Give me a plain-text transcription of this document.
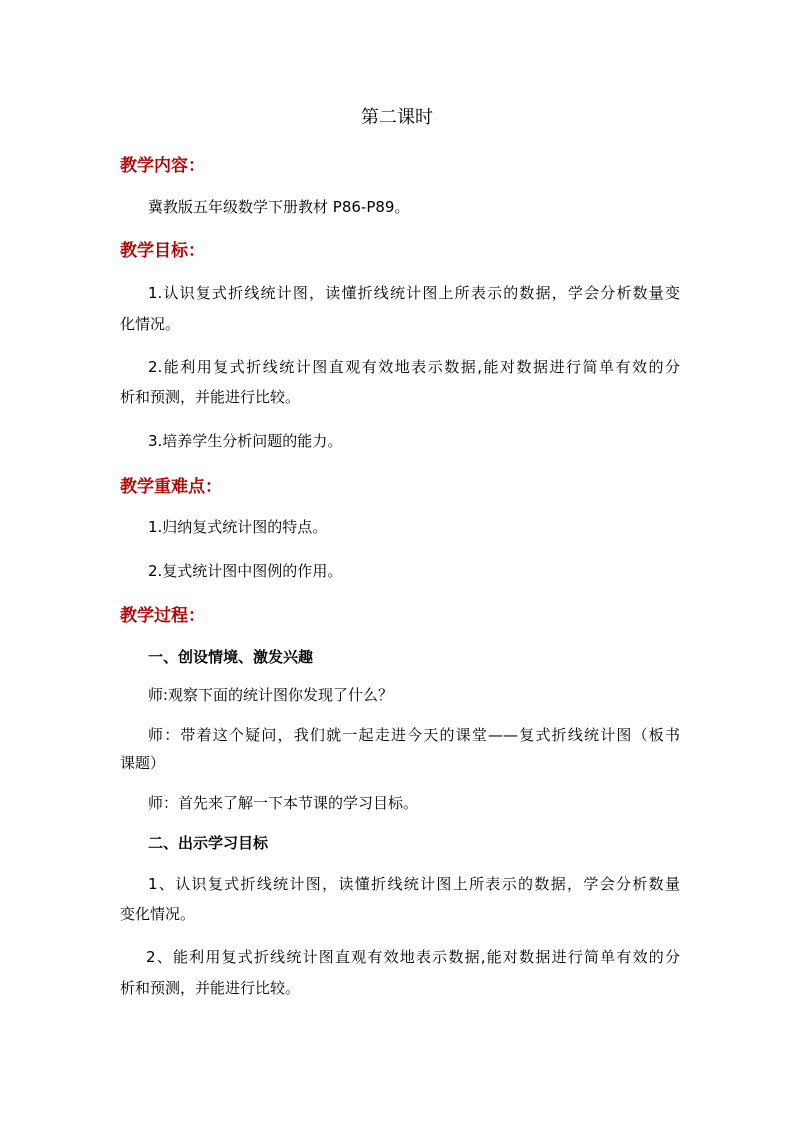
第二课时

教学内容：

冀教版五年级数学下册教材 P86-P89。

教学目标：

1.认识复式折线统计图，读懂折线统计图上所表示的数据，学会分析数量变

化情况。

2.能利用复式折线统计图直观有效地表示数据,能对数据进行简单有效的分

析和预测，并能进行比较。

3.培养学生分析问题的能力。

教学重难点：

1.归纳复式统计图的特点。

2.复式统计图中图例的作用。

教学过程：

一、创设情境、激发兴趣

师:观察下面的统计图你发现了什么？

师：带着这个疑问，我们就一起走进今天的课堂——复式折线统计图（板书

课题）

师：首先来了解一下本节课的学习目标。

二、出示学习目标

1、认识复式折线统计图，读懂折线统计图上所表示的数据，学会分析数量

变化情况。

2、能利用复式折线统计图直观有效地表示数据,能对数据进行简单有效的分

析和预测，并能进行比较。
